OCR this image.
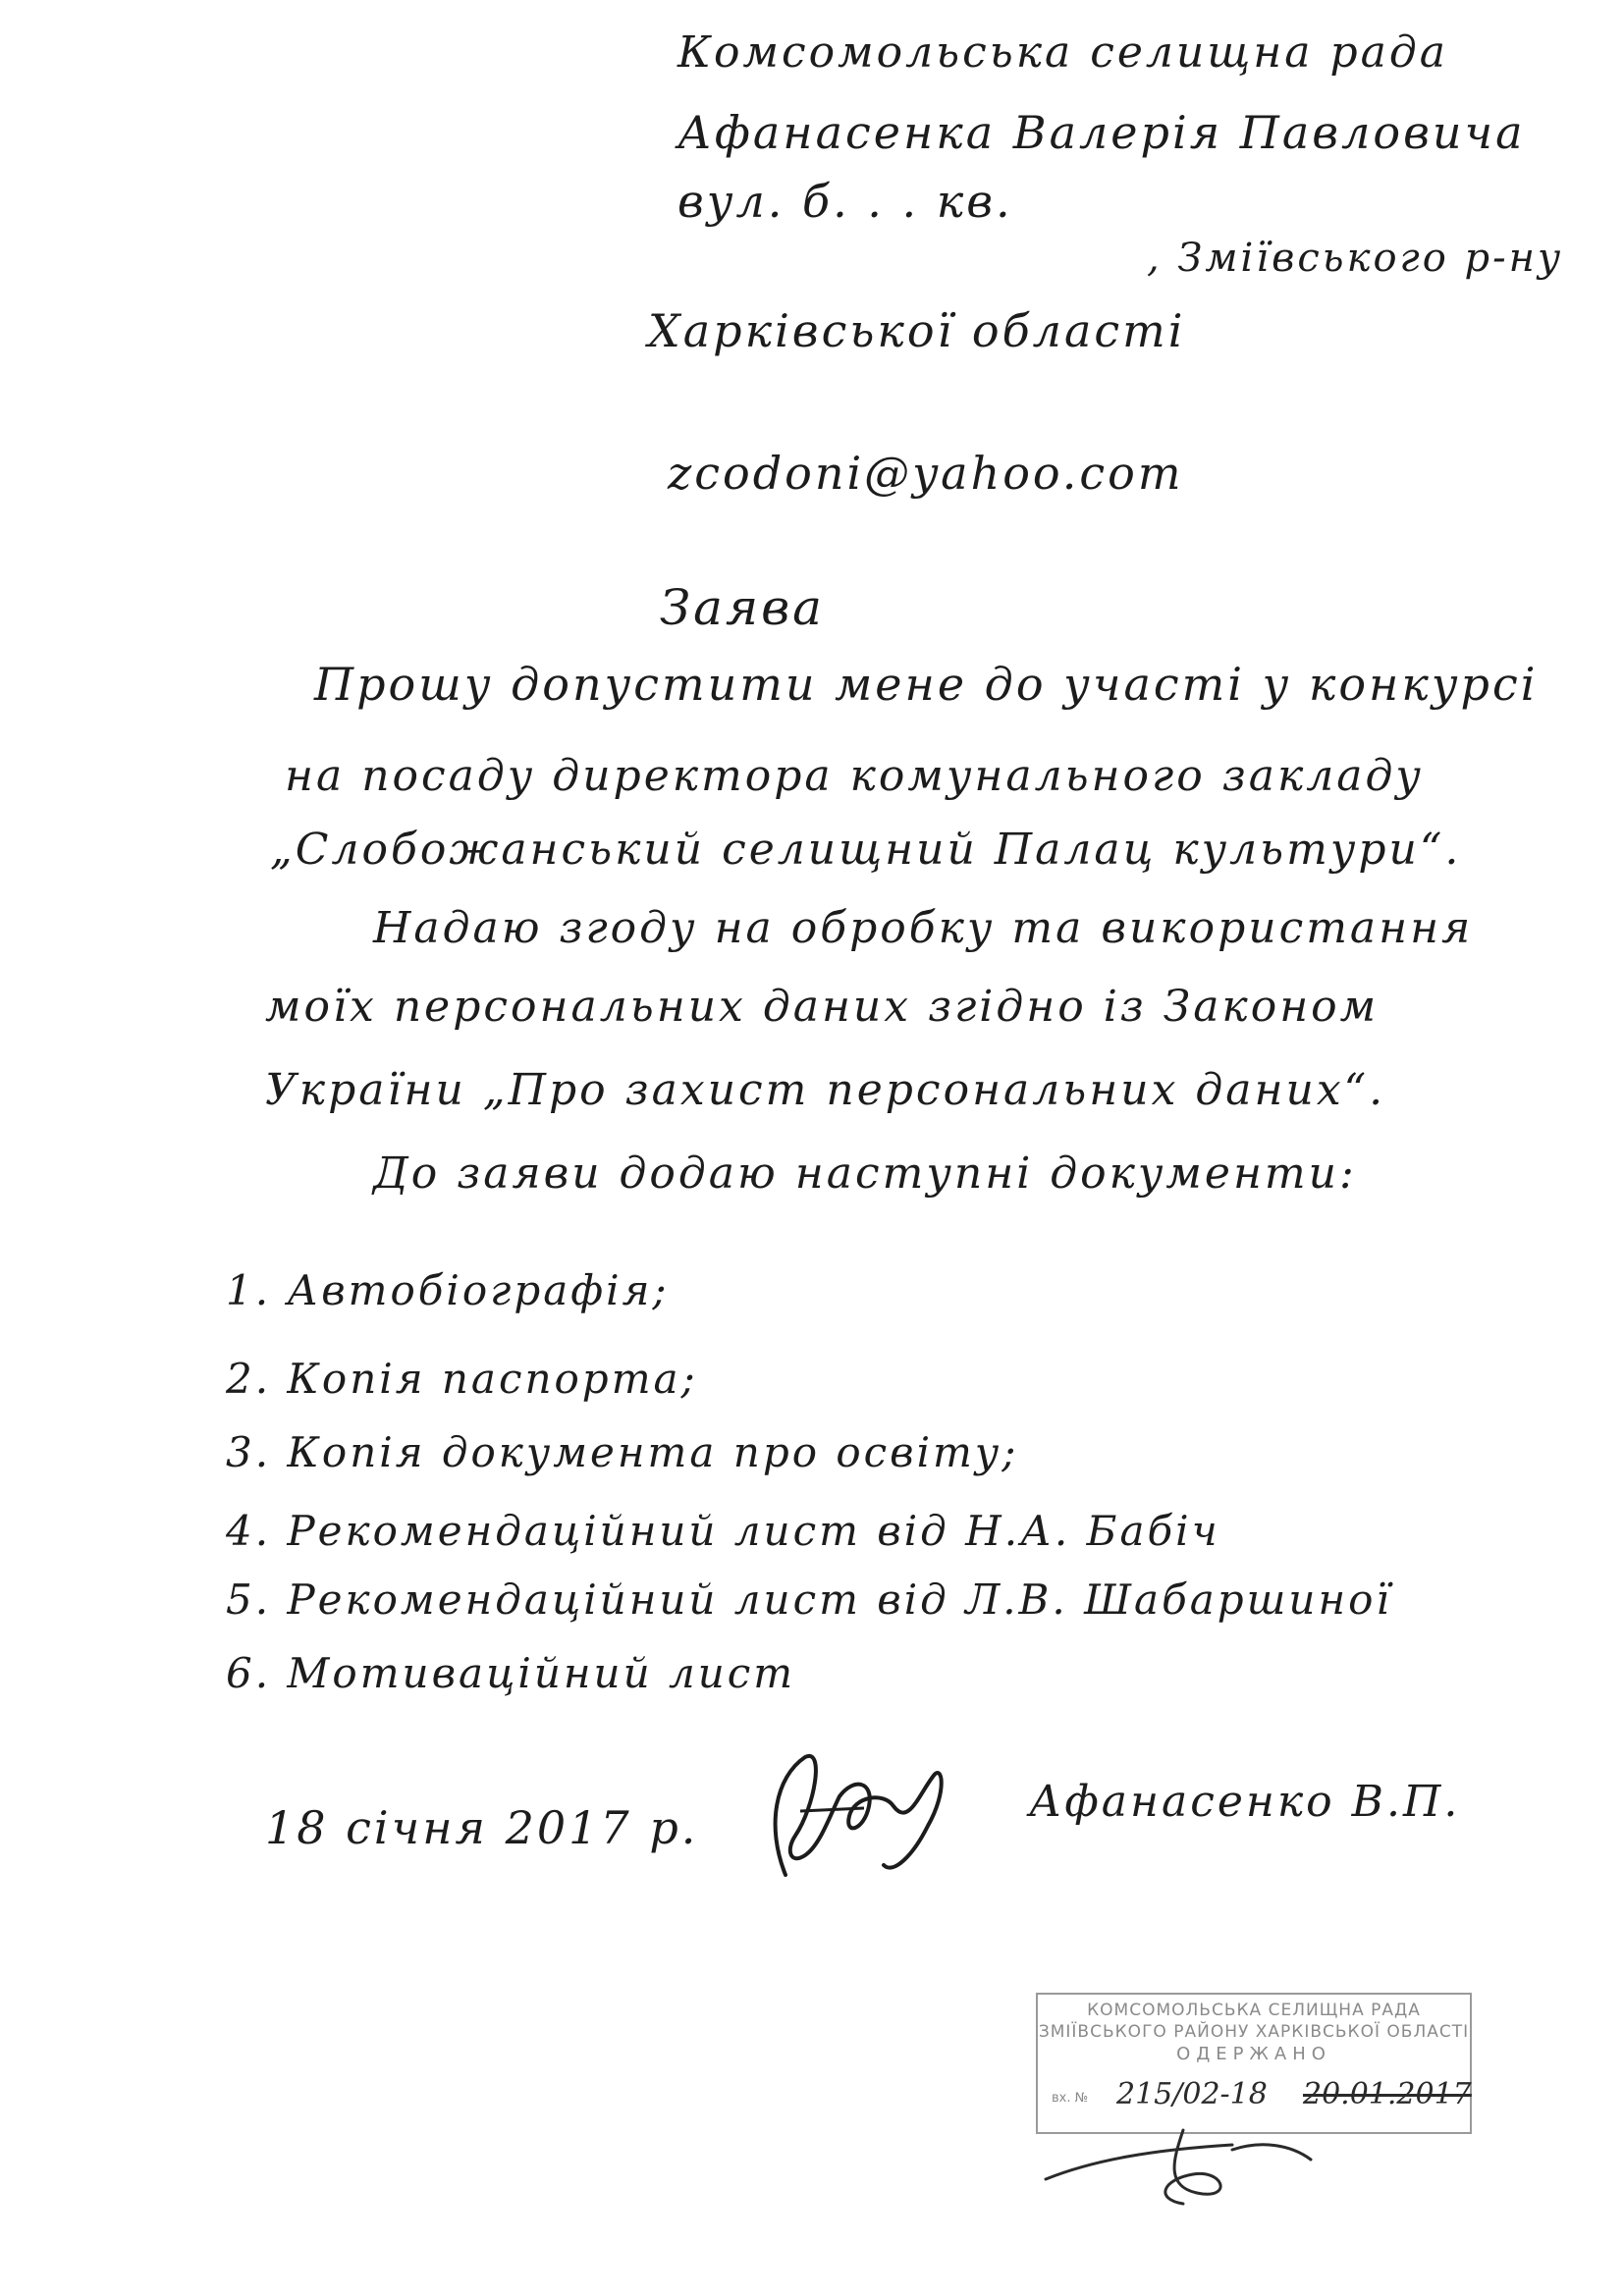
Комсомольська селищна рада
Афанасенка Валерія Павловича
вул. б. . . кв.
, Зміївського р-ну
Харківської області
zcodoni@yahoo.com
Заява
Прошу допустити мене до участі у конкурсі
на посаду директора комунального закладу
„Слобожанський селищний Палац культури“.
Надаю згоду на обробку та використання
моїх персональних даних згідно із Законом
України „Про захист персональних даних“.
До заяви додаю наступні документи:
1. Автобіографія;
2. Копія паспорта;
3. Копія документа про освіту;
4. Рекомендаційний лист від Н.А. Бабіч
5. Рекомендаційний лист від Л.В. Шабаршиної
6. Мотиваційний лист
18 січня 2017 р.	Афанасенко В.П.
КОМСОМОЛЬСЬКА СЕЛИЩНА РАДА
ЗМІЇВСЬКОГО РАЙОНУ ХАРКІВСЬКОЇ ОБЛАСТІ
ОДЕРЖАНО
вх. № 215/02-18 20.01.2017
